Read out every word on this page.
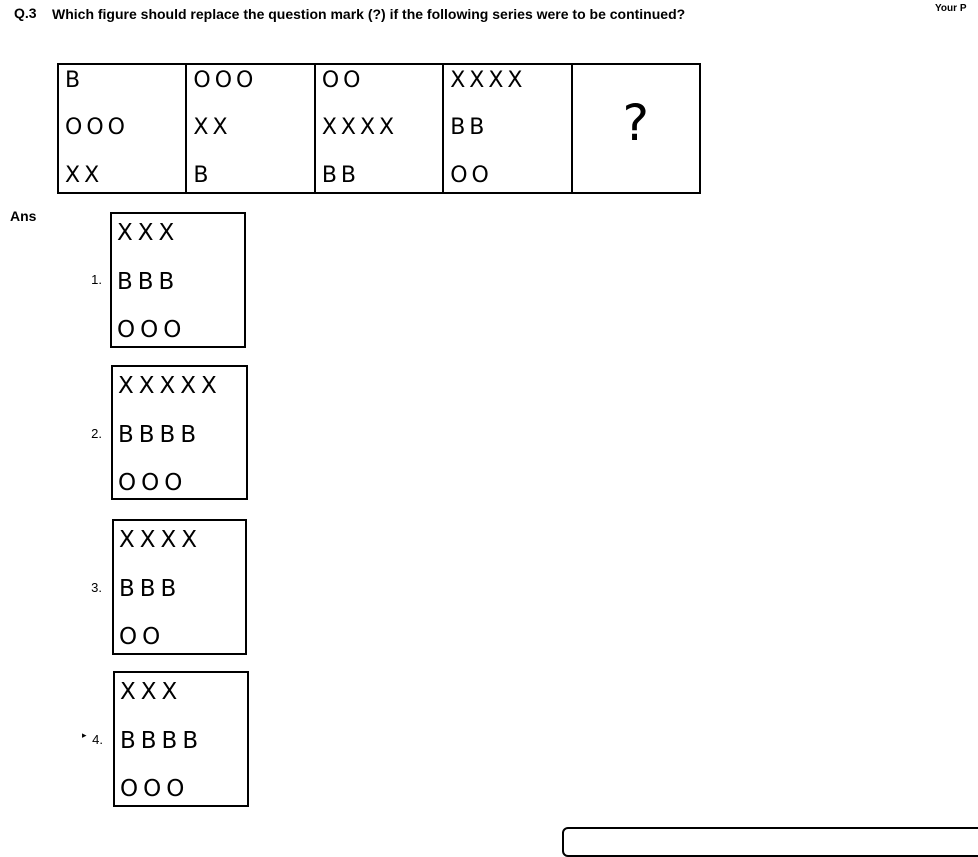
Q.3 Which figure should replace the question mark (?) if the following series were to be continued?	Your P
B
OOO
XX
OOO
XX
B
OO
XXXX
BB
XXXX
BB
OO
?
Ans
1.
XXX
BBB
OOO
2.
XXXXX
BBBB
OOO
3.
XXXX
BBB
OO
▸ 4.
XXX
BBBB
OOO
